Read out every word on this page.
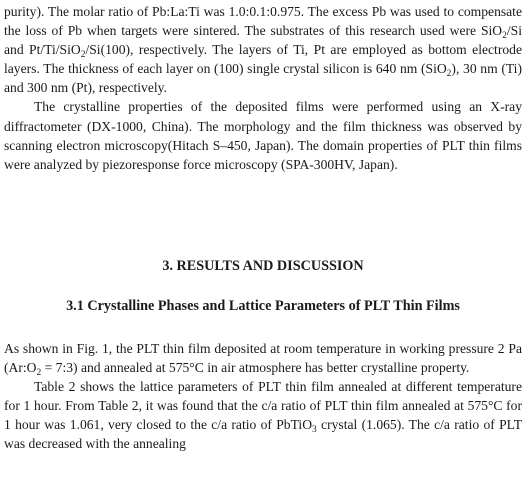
purity). The molar ratio of Pb:La:Ti was 1.0:0.1:0.975. The excess Pb was used to compensate the loss of Pb when targets were sintered. The substrates of this research used were SiO$_2$/Si and Pt/Ti/SiO$_2$/Si(100), respectively. The layers of Ti, Pt are employed as bottom electrode layers. The thickness of each layer on (100) single crystal silicon is 640 nm (SiO$_2$), 30 nm (Ti) and 300 nm (Pt), respectively.

The crystalline properties of the deposited films were performed using an X-ray diffractometer (DX-1000, China). The morphology and the film thickness was observed by scanning electron microscopy(Hitach S–450, Japan). The domain properties of PLT thin films were analyzed by piezoresponse force microscopy (SPA-300HV, Japan).

3. RESULTS AND DISCUSSION
3.1 Crystalline Phases and Lattice Parameters of PLT Thin Films

As shown in Fig. 1, the PLT thin film deposited at room temperature in working pressure 2 Pa ($Ar:O_2$ = 7:3) and annealed at 575°C in air atmosphere has better crystalline property.

Table 2 shows the lattice parameters of PLT thin film annealed at different temperature for 1 hour. From Table 2, it was found that the c/a ratio of PLT thin film annealed at 575°C for 1 hour was 1.061, very closed to the c/a ratio of PbTiO$_3$ crystal (1.065). The c/a ratio of PLT was decreased with the annealing
